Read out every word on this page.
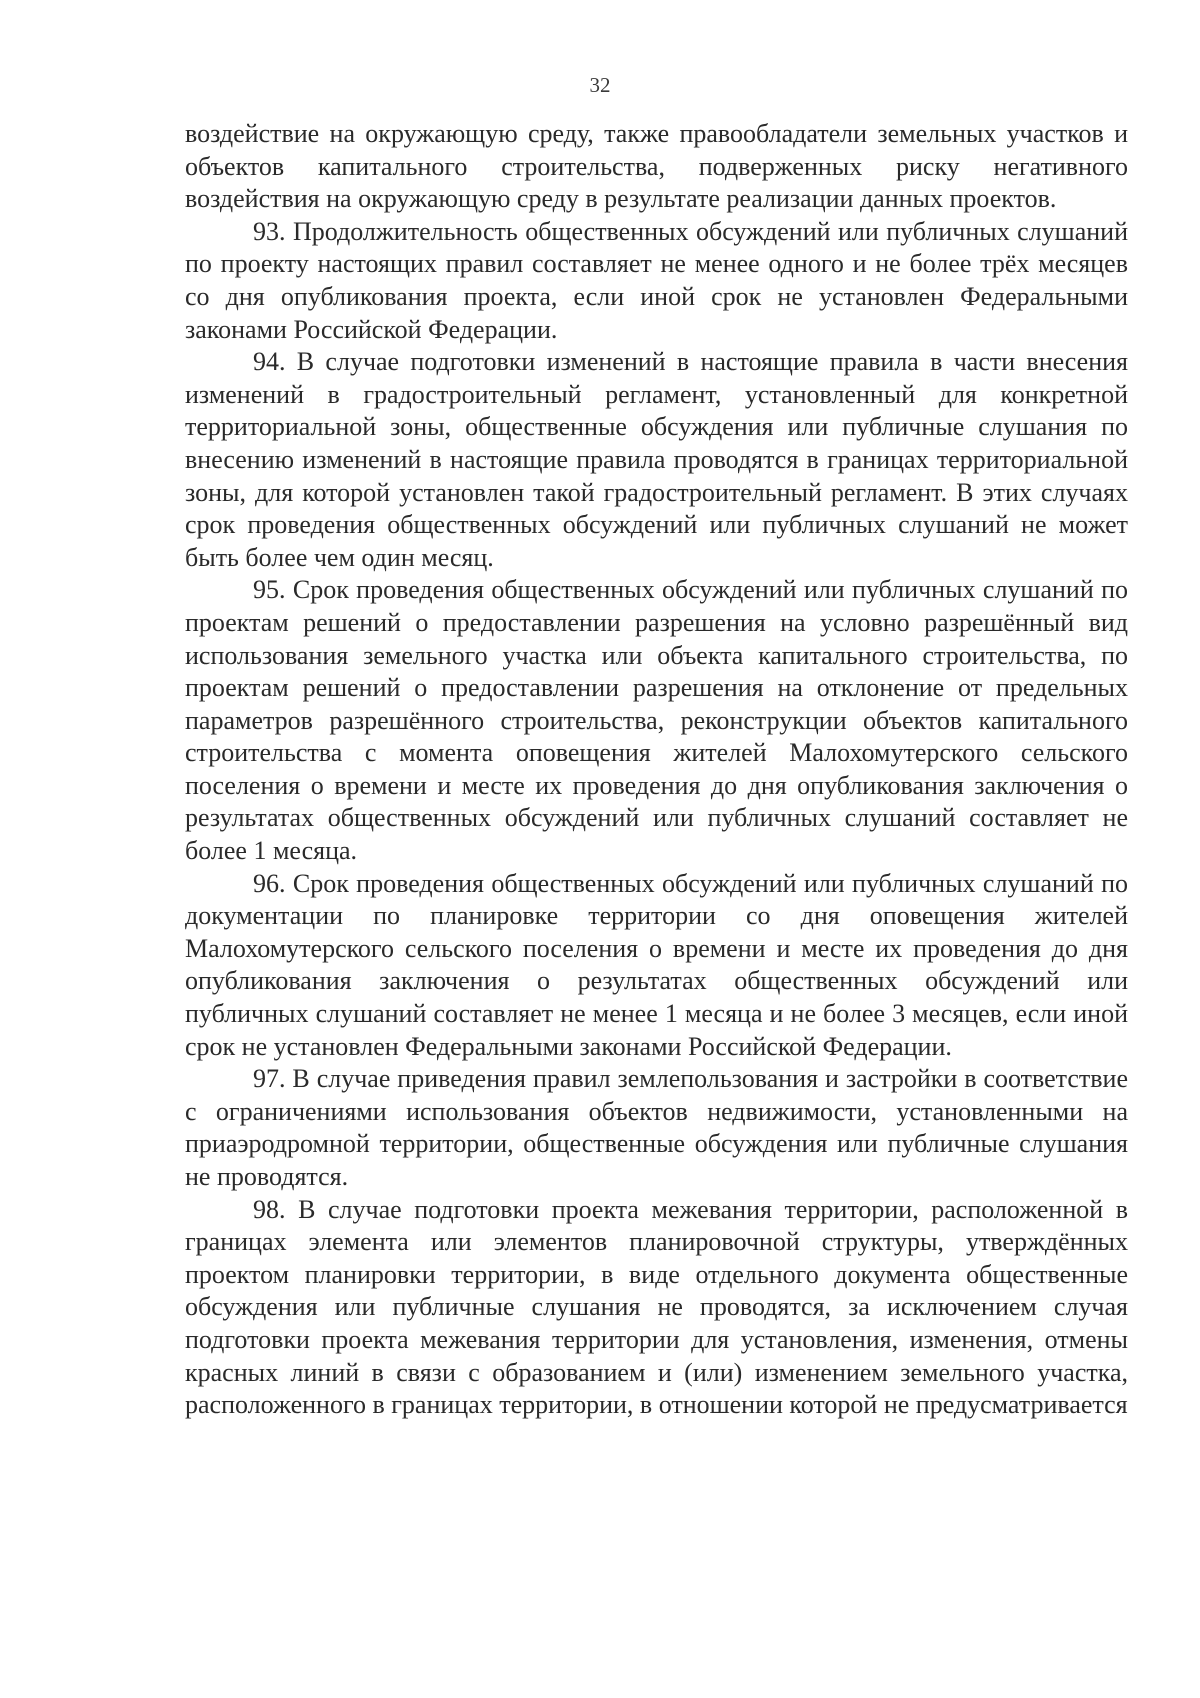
32

воздействие на окружающую среду, также правообладатели земельных участков и объектов капитального строительства, подверженных риску негативного воздействия на окружающую среду в результате реализации данных проектов.

93. Продолжительность общественных обсуждений или публичных слушаний по проекту настоящих правил составляет не менее одного и не более трёх месяцев со дня опубликования проекта, если иной срок не установлен Федеральными законами Российской Федерации.

94. В случае подготовки изменений в настоящие правила в части внесения изменений в градостроительный регламент, установленный для конкретной территориальной зоны, общественные обсуждения или публичные слушания по внесению изменений в настоящие правила проводятся в границах территориальной зоны, для которой установлен такой градостроительный регламент. В этих случаях срок проведения общественных обсуждений или публичных слушаний не может быть более чем один месяц.

95. Срок проведения общественных обсуждений или публичных слушаний по проектам решений о предоставлении разрешения на условно разрешённый вид использования земельного участка или объекта капитального строительства, по проектам решений о предоставлении разрешения на отклонение от предельных параметров разрешённого строительства, реконструкции объектов капитального строительства с момента оповещения жителей Малохомутерского сельского поселения о времени и месте их проведения до дня опубликования заключения о результатах общественных обсуждений или публичных слушаний составляет не более 1 месяца.

96. Срок проведения общественных обсуждений или публичных слушаний по документации по планировке территории со дня оповещения жителей Малохомутерского сельского поселения о времени и месте их проведения до дня опубликования заключения о результатах общественных обсуждений или публичных слушаний составляет не менее 1 месяца и не более 3 месяцев, если иной срок не установлен Федеральными законами Российской Федерации.

97. В случае приведения правил землепользования и застройки в соответствие с ограничениями использования объектов недвижимости, установленными на приаэродромной территории, общественные обсуждения или публичные слушания не проводятся.

98. В случае подготовки проекта межевания территории, расположенной в границах элемента или элементов планировочной структуры, утверждённых проектом планировки территории, в виде отдельного документа общественные обсуждения или публичные слушания не проводятся, за исключением случая подготовки проекта межевания территории для установления, изменения, отмены красных линий в связи с образованием и (или) изменением земельного участка, расположенного в границах территории, в отношении которой не предусматривается
